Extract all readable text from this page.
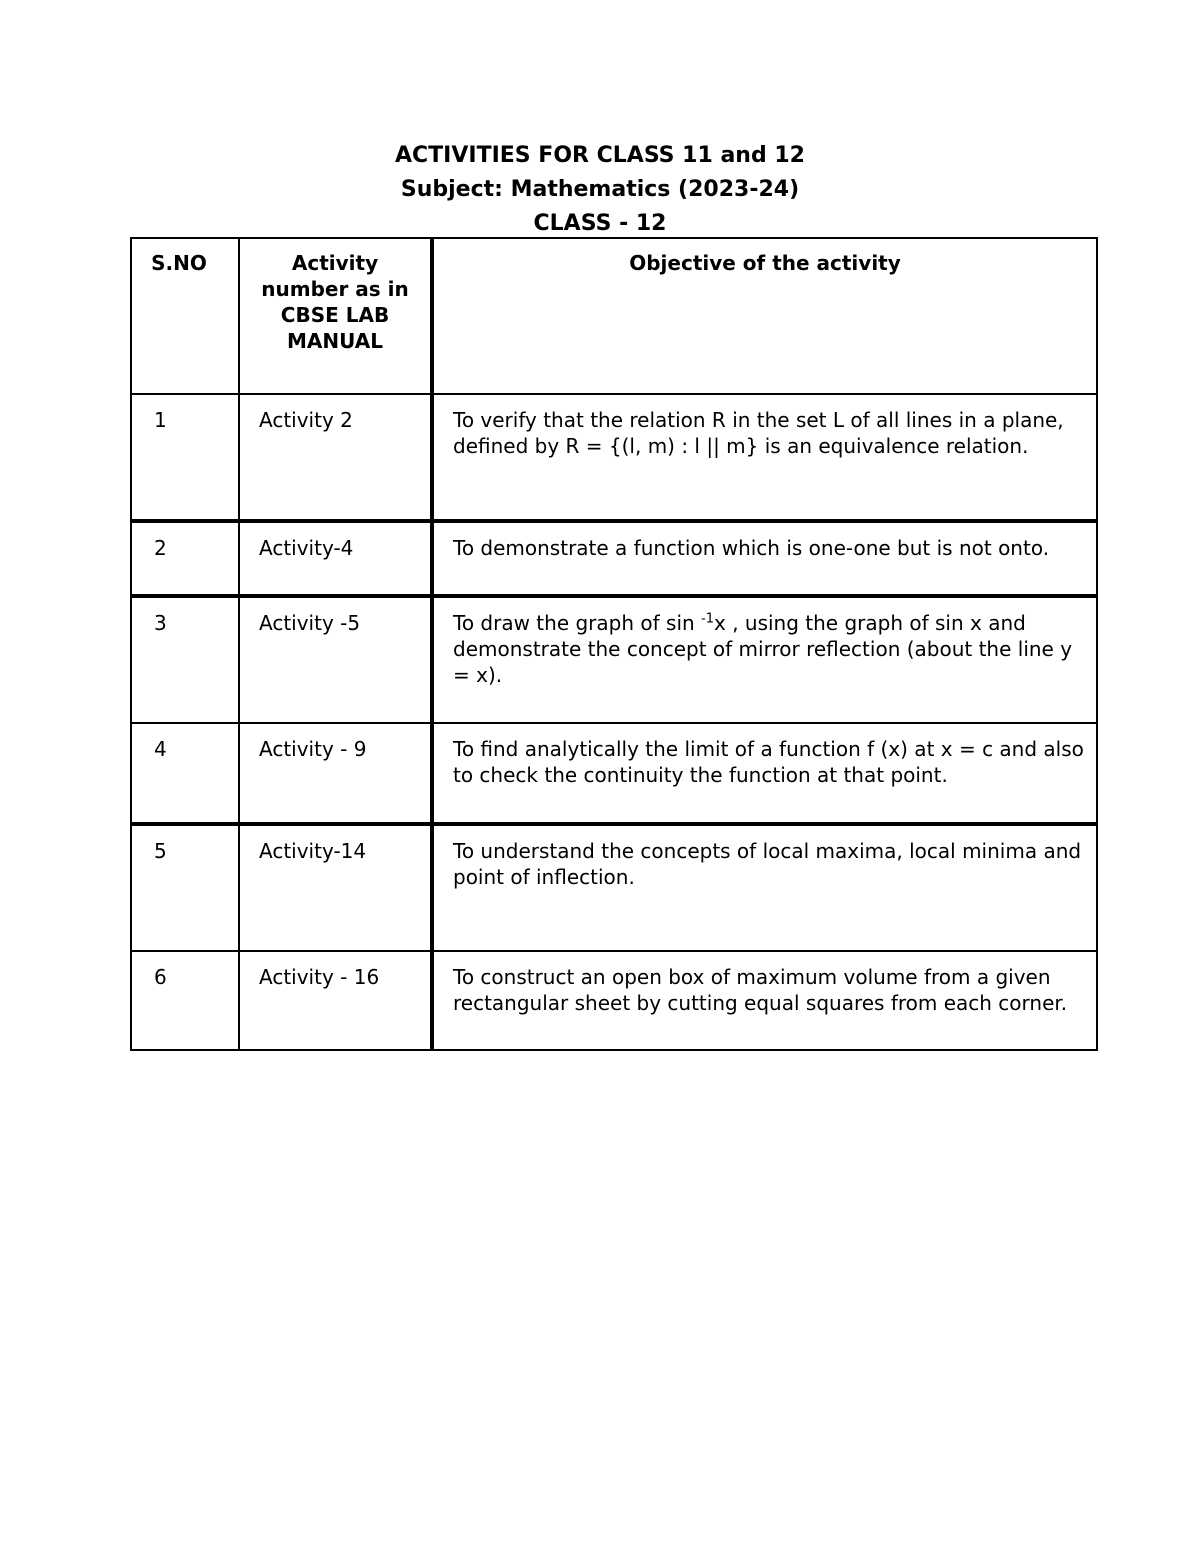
ACTIVITIES FOR CLASS 11 and 12
Subject: Mathematics (2023-24)
CLASS - 12
S.NO	Activity number as in CBSE LAB MANUAL	Objective of the activity

1	Activity 2	To verify that the relation R in the set L of all lines in a plane, defined by R = {(l, m) : l || m} is an equivalence relation.

2	Activity-4	To demonstrate a function which is one-one but is not onto.

3	Activity -5	To draw the graph of sin $^{-1}$x , using the graph of sin x and demonstrate the concept of mirror reflection (about the line y = x).

4	Activity - 9	To find analytically the limit of a function f (x) at x = c and also to check the continuity the function at that point.

5	Activity-14	To understand the concepts of local maxima, local minima and point of inflection.

6	Activity - 16	To construct an open box of maximum volume from a given rectangular sheet by cutting equal squares from each corner.
